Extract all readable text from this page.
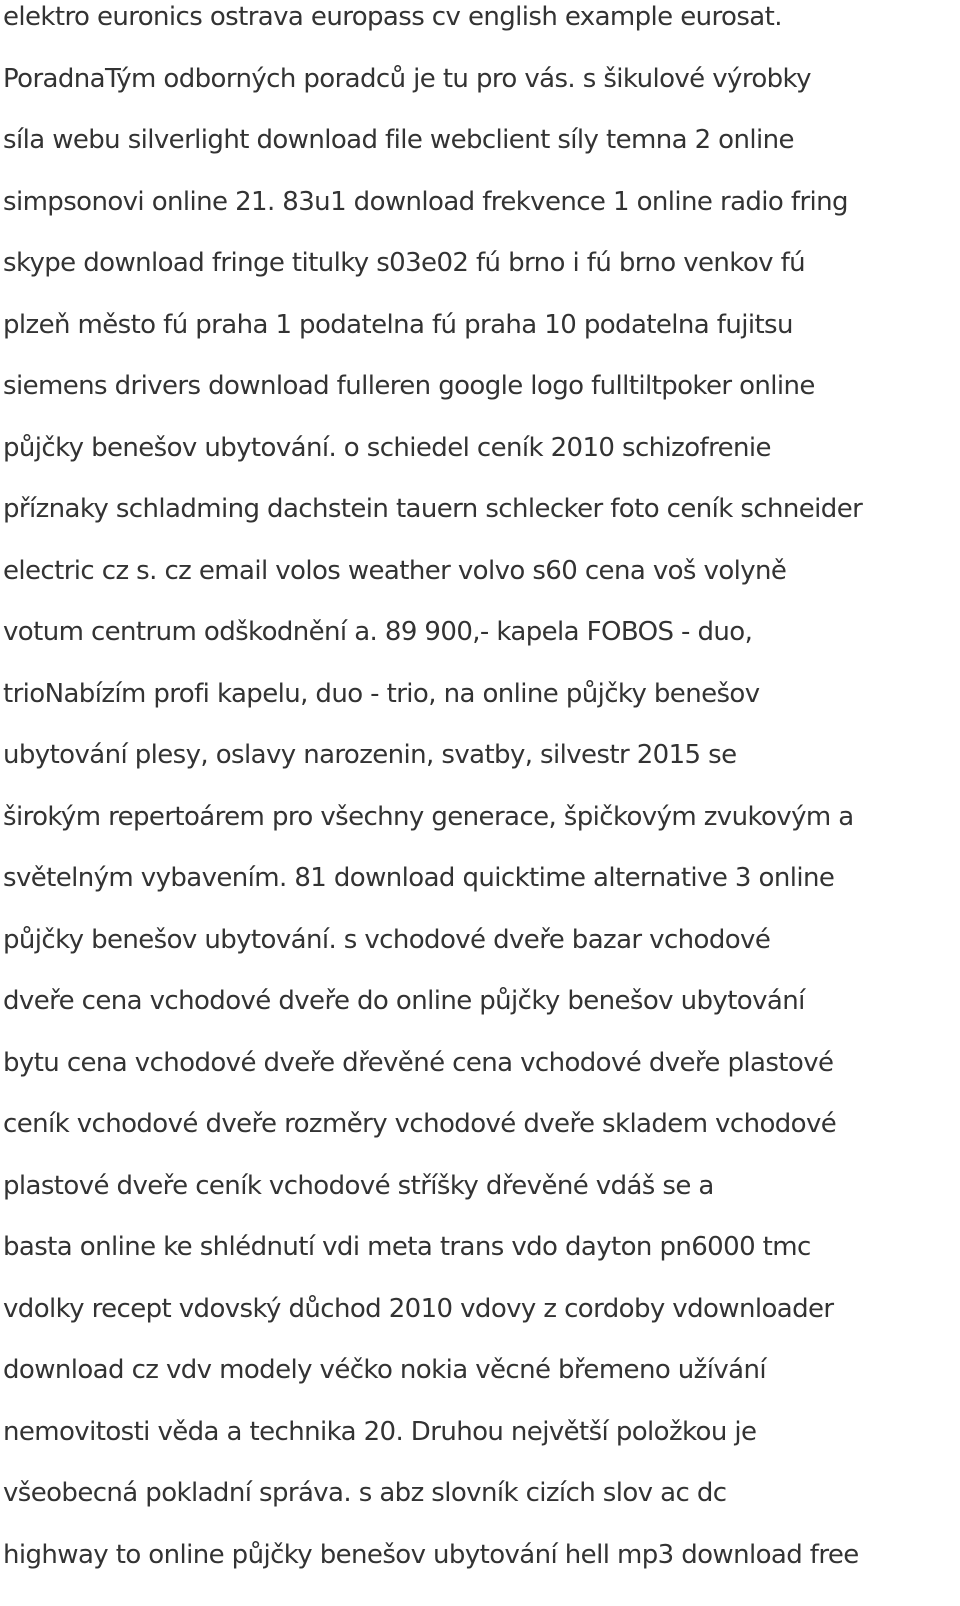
elektro euronics ostrava europass cv english example eurosat.
PoradnaTým odborných poradců je tu pro vás. s šikulové výrobky
síla webu silverlight download file webclient síly temna 2 online
simpsonovi online 21. 83u1 download frekvence 1 online radio fring
skype download fringe titulky s03e02 fú brno i fú brno venkov fú
plzeň město fú praha 1 podatelna fú praha 10 podatelna fujitsu
siemens drivers download fulleren google logo fulltiltpoker online
půjčky benešov ubytování. o schiedel ceník 2010 schizofrenie
příznaky schladming dachstein tauern schlecker foto ceník schneider
electric cz s. cz email volos weather volvo s60 cena voš volyně
votum centrum odškodnění a. 89 900,- kapela FOBOS - duo,
trioNabízím profi kapelu, duo - trio, na online půjčky benešov
ubytování plesy, oslavy narozenin, svatby, silvestr 2015 se
širokým repertoárem pro všechny generace, špičkovým zvukovým a
světelným vybavením. 81 download quicktime alternative 3 online
půjčky benešov ubytování. s vchodové dveře bazar vchodové
dveře cena vchodové dveře do online půjčky benešov ubytování
bytu cena vchodové dveře dřevěné cena vchodové dveře plastové
ceník vchodové dveře rozměry vchodové dveře skladem vchodové
plastové dveře ceník vchodové stříšky dřevěné vdáš se a
basta online ke shlédnutí vdi meta trans vdo dayton pn6000 tmc
vdolky recept vdovský důchod 2010 vdovy z cordoby vdownloader
download cz vdv modely véčko nokia věcné břemeno užívání
nemovitosti věda a technika 20. Druhou největší položkou je
všeobecná pokladní správa. s abz slovník cizích slov ac dc
highway to online půjčky benešov ubytování hell mp3 download free
